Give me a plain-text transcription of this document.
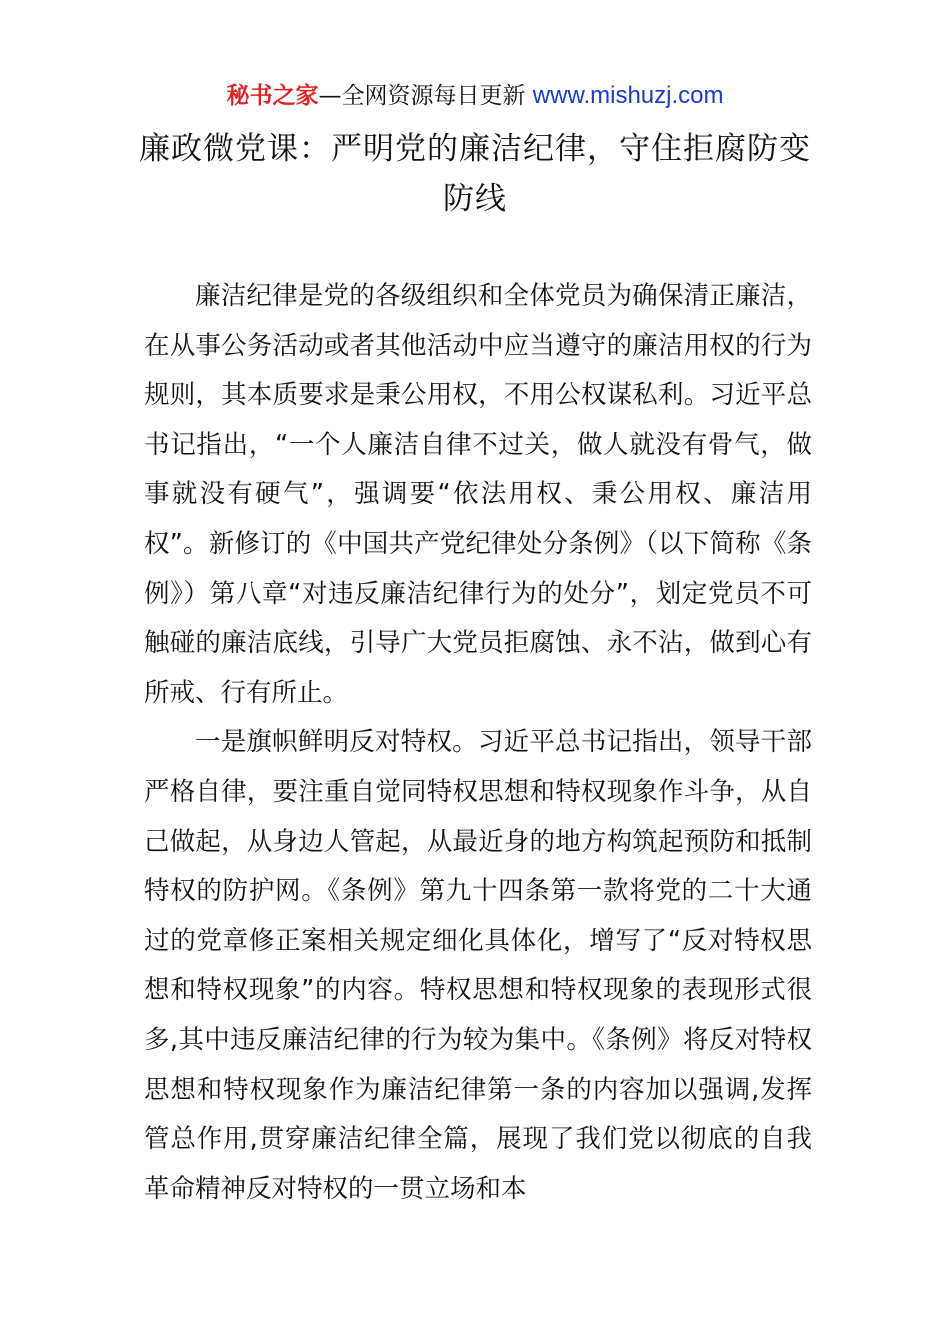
秘书之家—全网资源每日更新 www.mishuzj.com
廉政微党课：严明党的廉洁纪律，守住拒腐防变防线

廉洁纪律是党的各级组织和全体党员为确保清正廉洁，在从事公务活动或者其他活动中应当遵守的廉洁用权的行为规则，其本质要求是秉公用权，不用公权谋私利。习近平总书记指出，“一个人廉洁自律不过关，做人就没有骨气，做事就没有硬气”，强调要“依法用权、秉公用权、廉洁用权”。新修订的《中国共产党纪律处分条例》（以下简称《条例》）第八章“对违反廉洁纪律行为的处分”，划定党员不可触碰的廉洁底线，引导广大党员拒腐蚀、永不沾，做到心有所戒、行有所止。

一是旗帜鲜明反对特权。习近平总书记指出，领导干部严格自律，要注重自觉同特权思想和特权现象作斗争，从自己做起，从身边人管起，从最近身的地方构筑起预防和抵制特权的防护网。《条例》第九十四条第一款将党的二十大通过的党章修正案相关规定细化具体化，增写了“反对特权思想和特权现象”的内容。特权思想和特权现象的表现形式很多,其中违反廉洁纪律的行为较为集中。《条例》将反对特权思想和特权现象作为廉洁纪律第一条的内容加以强调,发挥管总作用,贯穿廉洁纪律全篇，展现了我们党以彻底的自我革命精神反对特权的一贯立场和本
